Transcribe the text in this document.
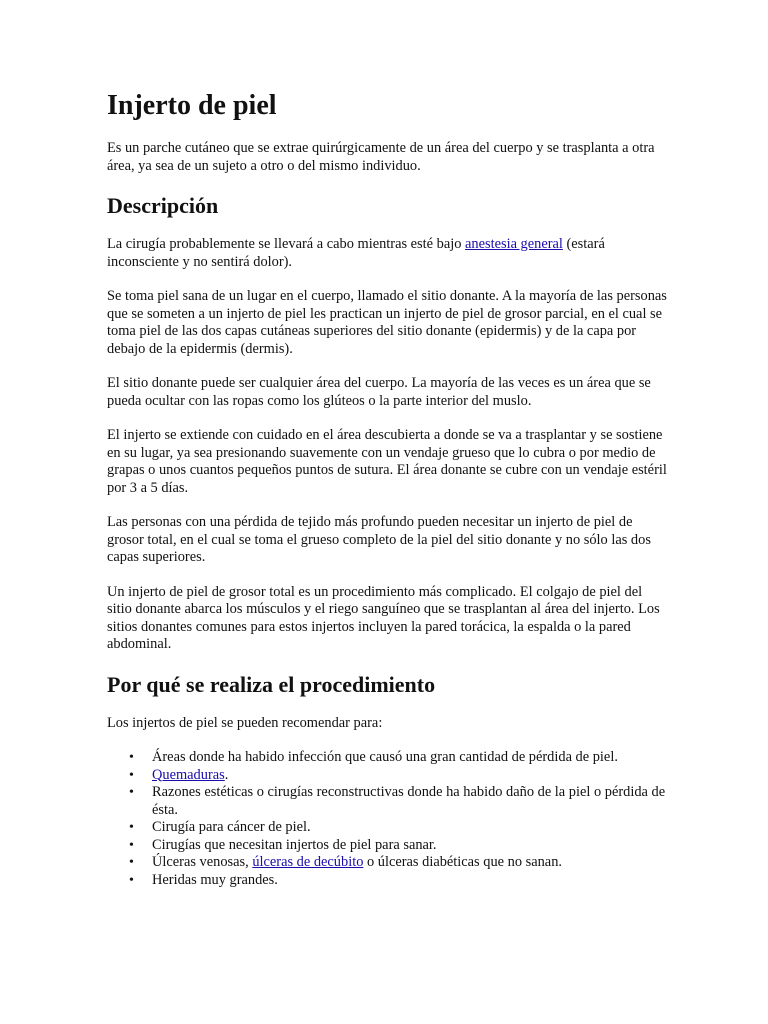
Injerto de piel

Es un parche cutáneo que se extrae quirúrgicamente de un área del cuerpo y se trasplanta a otra área, ya sea de un sujeto a otro o del mismo individuo.

Descripción

La cirugía probablemente se llevará a cabo mientras esté bajo anestesia general (estará inconsciente y no sentirá dolor).

Se toma piel sana de un lugar en el cuerpo, llamado el sitio donante. A la mayoría de las personas que se someten a un injerto de piel les practican un injerto de piel de grosor parcial, en el cual se toma piel de las dos capas cutáneas superiores del sitio donante (epidermis) y de la capa por debajo de la epidermis (dermis).

El sitio donante puede ser cualquier área del cuerpo. La mayoría de las veces es un área que se pueda ocultar con las ropas como los glúteos o la parte interior del muslo.

El injerto se extiende con cuidado en el área descubierta a donde se va a trasplantar y se sostiene en su lugar, ya sea presionando suavemente con un vendaje grueso que lo cubra o por medio de grapas o unos cuantos pequeños puntos de sutura. El área donante se cubre con un vendaje estéril por 3 a 5 días.

Las personas con una pérdida de tejido más profundo pueden necesitar un injerto de piel de grosor total, en el cual se toma el grueso completo de la piel del sitio donante y no sólo las dos capas superiores.

Un injerto de piel de grosor total es un procedimiento más complicado. El colgajo de piel del sitio donante abarca los músculos y el riego sanguíneo que se trasplantan al área del injerto. Los sitios donantes comunes para estos injertos incluyen la pared torácica, la espalda o la pared abdominal.

Por qué se realiza el procedimiento

Los injertos de piel se pueden recomendar para:

• Áreas donde ha habido infección que causó una gran cantidad de pérdida de piel.
• Quemaduras.
• Razones estéticas o cirugías reconstructivas donde ha habido daño de la piel o pérdida de ésta.
• Cirugía para cáncer de piel.
• Cirugías que necesitan injertos de piel para sanar.
• Úlceras venosas, úlceras de decúbito o úlceras diabéticas que no sanan.
• Heridas muy grandes.
